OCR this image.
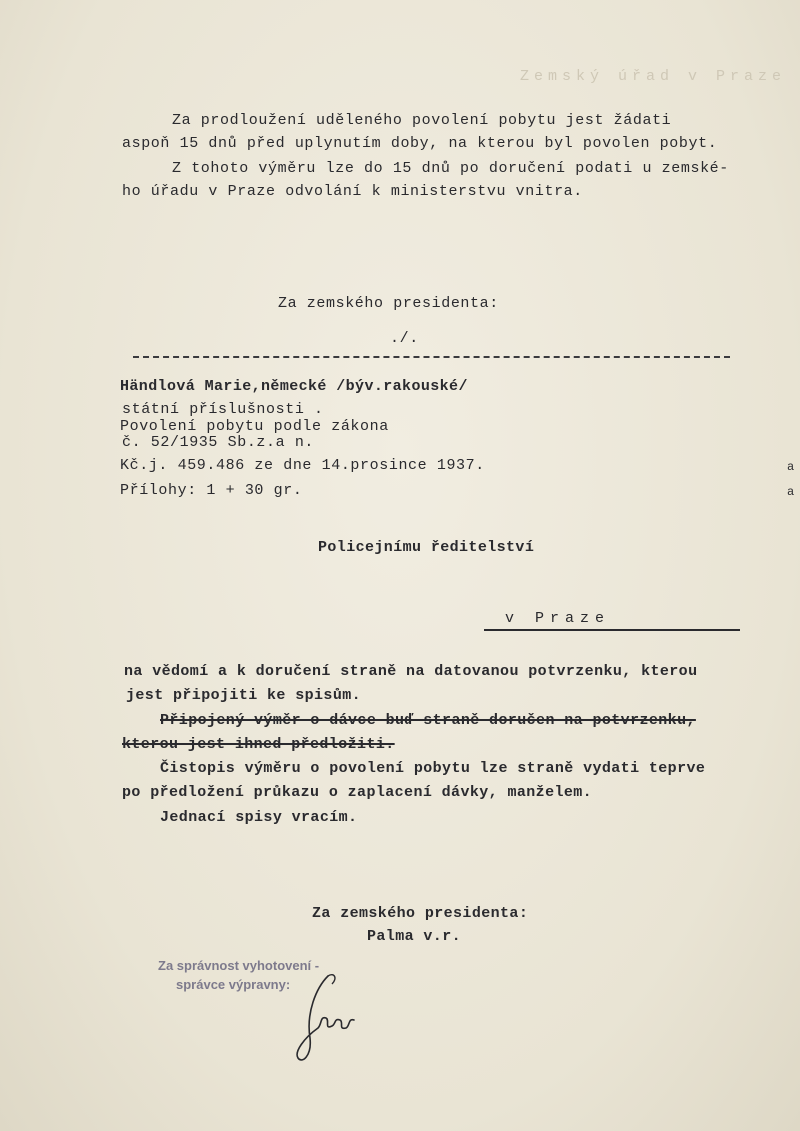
Zemský úřad v Praze
Za prodloužení uděleného povolení pobytu jest žádati
aspoň 15 dnů před uplynutím doby, na kterou byl povolen pobyt.
Z tohoto výměru lze do 15 dnů po doručení podati u zemské-
ho úřadu v Praze odvolání k ministerstvu vnitra.
Za zemského presidenta:
./.
Händlová Marie,německé /býv.rakouské/
státní příslušnosti .
Povolení pobytu podle zákona
č. 52/1935 Sb.z.a n.
Kč.j. 459.486 ze dne 14.prosince 1937.
Přílohy: 1 + 30 gr.
Policejnímu ředitelství
v Praze
na vědomí a k doručení straně na datovanou potvrzenku, kterou
jest připojiti ke spisům.
Připojený výměr o dávce buď straně doručen na potvrzenku,
kterou jest ihned předložiti.
Čistopis výměru o povolení pobytu lze straně vydati teprve
po předložení průkazu o zaplacení dávky, manželem.
Jednací spisy vracím.
Za zemského presidenta:
Palma v.r.
Za správnost vyhotovení -
správce výpravny:
a
a
